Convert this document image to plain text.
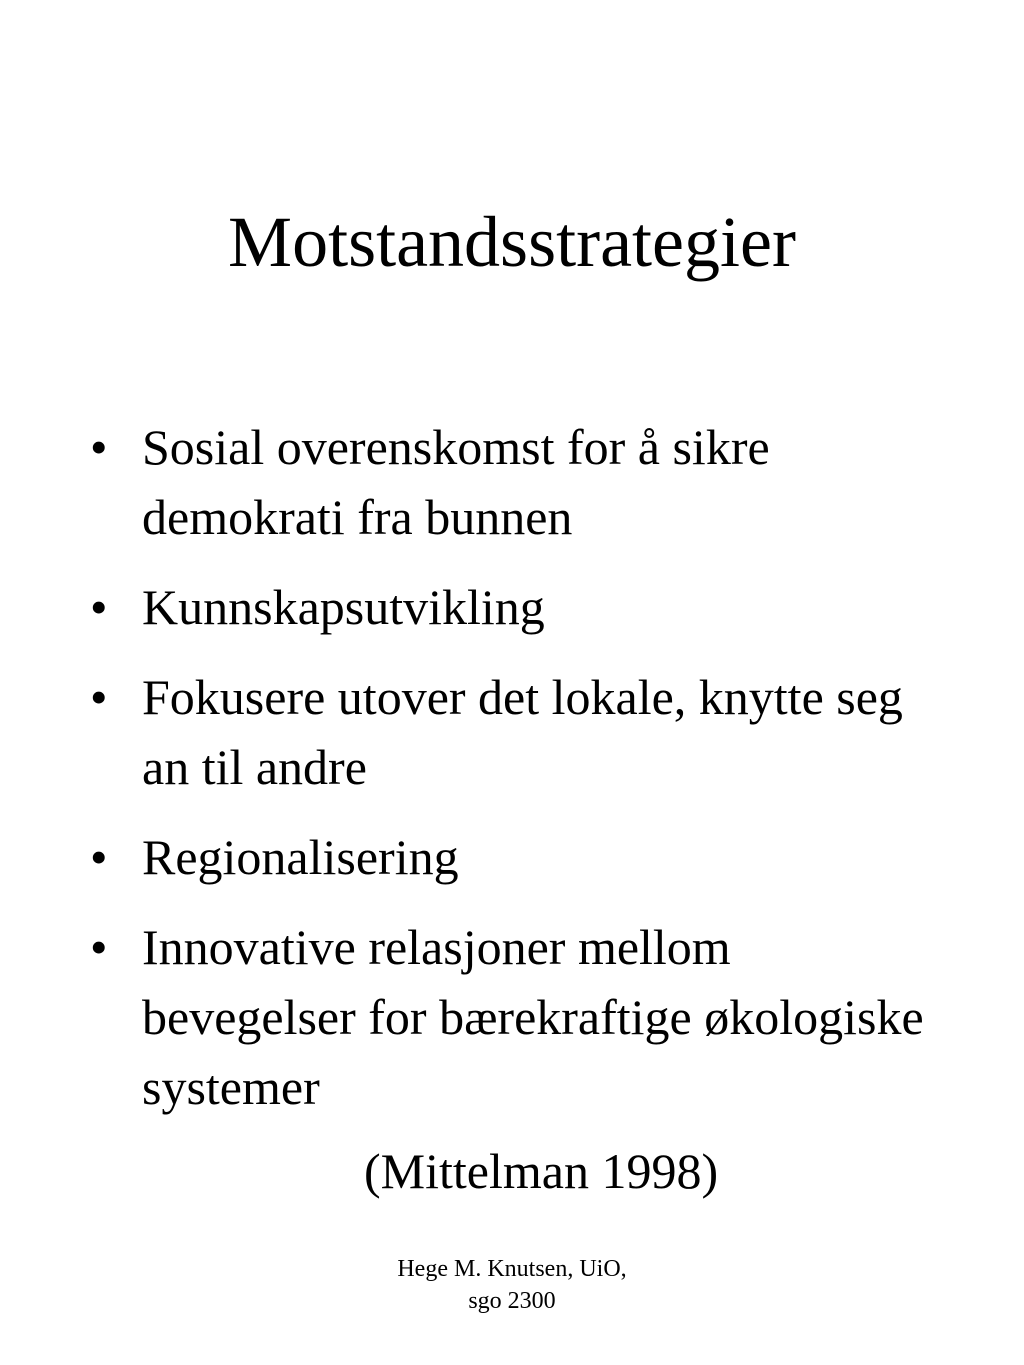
Motstandsstrategier
• Sosial overenskomst for å sikre demokrati fra bunnen
• Kunnskapsutvikling
• Fokusere utover det lokale, knytte seg an til andre
• Regionalisering
• Innovative relasjoner mellom bevegelser for bærekraftige økologiske systemer
(Mittelman 1998)
Hege M. Knutsen, UiO,
sgo 2300
